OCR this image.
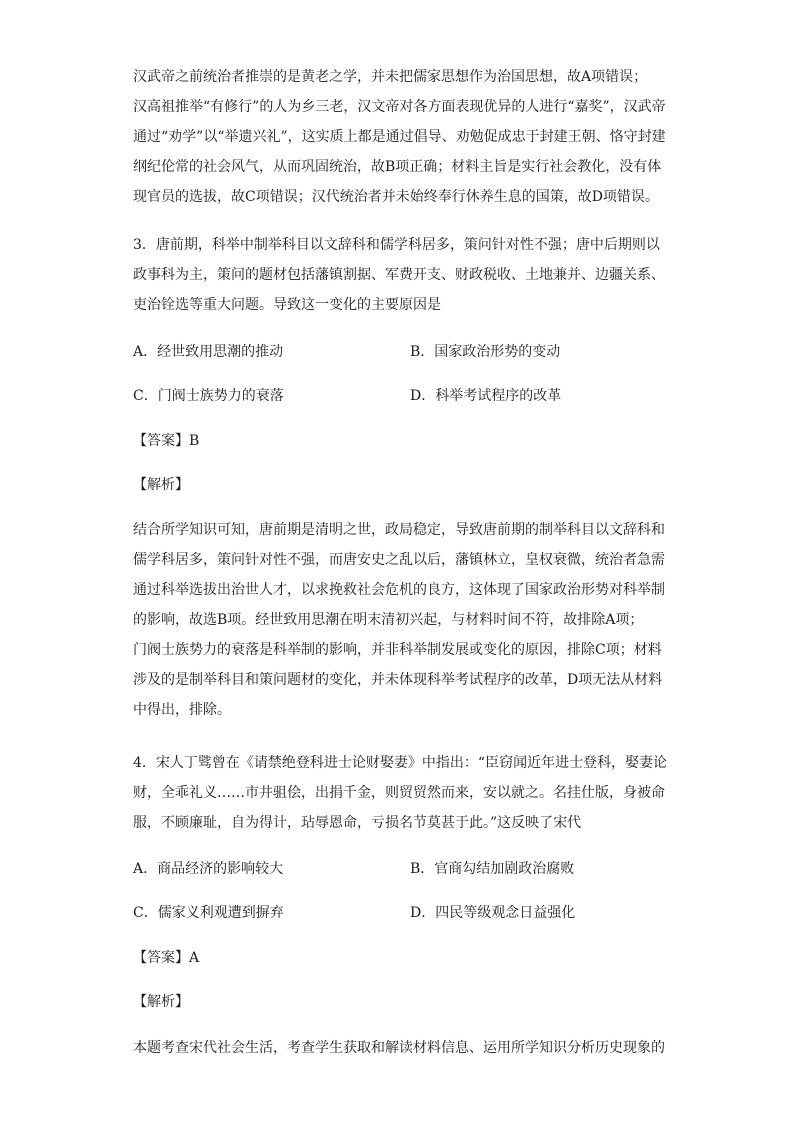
汉武帝之前统治者推崇的是黄老之学，并未把儒家思想作为治国思想，故A项错误；
汉高祖推举“有修行”的人为乡三老，汉文帝对各方面表现优异的人进行“嘉奖”，汉武帝
通过“劝学”以“举遗兴礼”，这实质上都是通过倡导、劝勉促成忠于封建王朝、恪守封建
纲纪伦常的社会风气，从而巩固统治，故B项正确；材料主旨是实行社会教化，没有体
现官员的选拔，故C项错误；汉代统治者并未始终奉行休养生息的国策，故D项错误。

3．唐前期，科举中制举科目以文辞科和儒学科居多，策问针对性不强；唐中后期则以
政事科为主，策问的题材包括藩镇割据、军费开支、财政税收、土地兼并、边疆关系、
吏治铨选等重大问题。导致这一变化的主要原因是

A．经世致用思潮的推动	B．国家政治形势的变动
C．门阀士族势力的衰落	D．科举考试程序的改革
【答案】B
【解析】

结合所学知识可知，唐前期是清明之世，政局稳定，导致唐前期的制举科目以文辞科和
儒学科居多，策问针对性不强，而唐安史之乱以后，藩镇林立，皇权衰微，统治者急需
通过科举选拔出治世人才，以求挽救社会危机的良方，这体现了国家政治形势对科举制
的影响，故选B项。经世致用思潮在明末清初兴起，与材料时间不符，故排除A项；
门阀士族势力的衰落是科举制的影响，并非科举制发展或变化的原因，排除C项；材料
涉及的是制举科目和策问题材的变化，并未体现科举考试程序的改革，D项无法从材料
中得出，排除。

4．宋人丁骘曾在《请禁绝登科进士论财娶妻》中指出：“臣窃闻近年进士登科，娶妻论
财，全乖礼义……市井驵侩，出捐千金，则贸贸然而来，安以就之。名挂仕版，身被命
服，不顾廉耻，自为得计，玷辱恩命，亏损名节莫甚于此。”这反映了宋代

A．商品经济的影响较大	B．官商勾结加剧政治腐败
C．儒家义利观遭到摒弃	D．四民等级观念日益强化
【答案】A
【解析】

本题考查宋代社会生活，考查学生获取和解读材料信息、运用所学知识分析历史现象的
